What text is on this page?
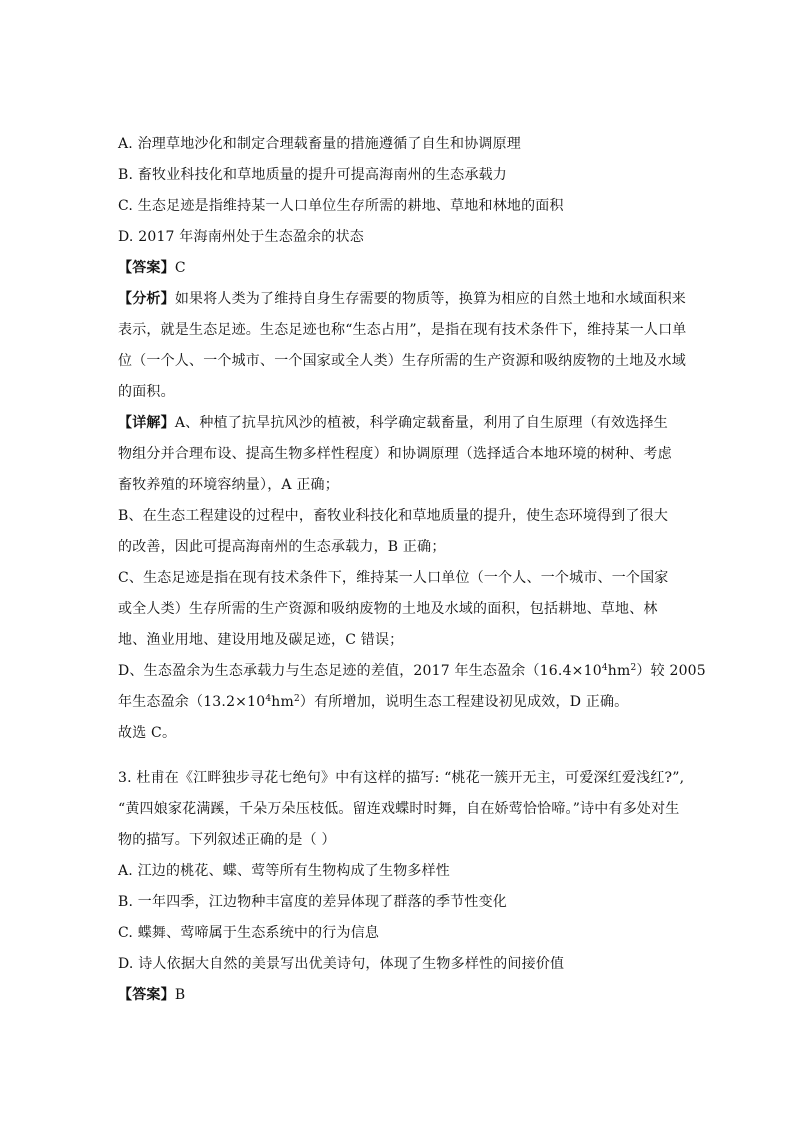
A. 治理草地沙化和制定合理载畜量的措施遵循了自生和协调原理
B. 畜牧业科技化和草地质量的提升可提高海南州的生态承载力
C. 生态足迹是指维持某一人口单位生存所需的耕地、草地和林地的面积
D. 2017 年海南州处于生态盈余的状态
【答案】C
【分析】如果将人类为了维持自身生存需要的物质等，换算为相应的自然土地和水域面积来
表示，就是生态足迹。生态足迹也称“生态占用”，是指在现有技术条件下，维持某一人口单
位（一个人、一个城市、一个国家或全人类）生存所需的生产资源和吸纳废物的土地及水域
的面积。
【详解】A、种植了抗旱抗风沙的植被，科学确定载畜量，利用了自生原理（有效选择生
物组分并合理布设、提高生物多样性程度）和协调原理（选择适合本地环境的树种、考虑
畜牧养殖的环境容纳量），A 正确；
B、在生态工程建设的过程中，畜牧业科技化和草地质量的提升，使生态环境得到了很大
的改善，因此可提高海南州的生态承载力，B 正确；
C、生态足迹是指在现有技术条件下，维持某一人口单位（一个人、一个城市、一个国家
或全人类）生存所需的生产资源和吸纳废物的土地及水域的面积，包括耕地、草地、林
地、渔业用地、建设用地及碳足迹，C 错误；
D、生态盈余为生态承载力与生态足迹的差值，2017 年生态盈余$(16.4\times 10^4hm^2)$较 2005
年生态盈余$(13.2\times 10^4hm^2)$有所增加，说明生态工程建设初见成效，D 正确。
故选 C。
3. 杜甫在《江畔独步寻花七绝句》中有这样的描写: “桃花一簇开无主，可爱深红爱浅红?”,
“黄四娘家花满蹊，千朵万朵压枝低。留连戏蝶时时舞，自在娇莺恰恰啼。”诗中有多处对生
物的描写。下列叙述正确的是（ ）
A. 江边的桃花、蝶、莺等所有生物构成了生物多样性
B. 一年四季，江边物种丰富度的差异体现了群落的季节性变化
C. 蝶舞、莺啼属于生态系统中的行为信息
D. 诗人依据大自然的美景写出优美诗句，体现了生物多样性的间接价值
【答案】B
